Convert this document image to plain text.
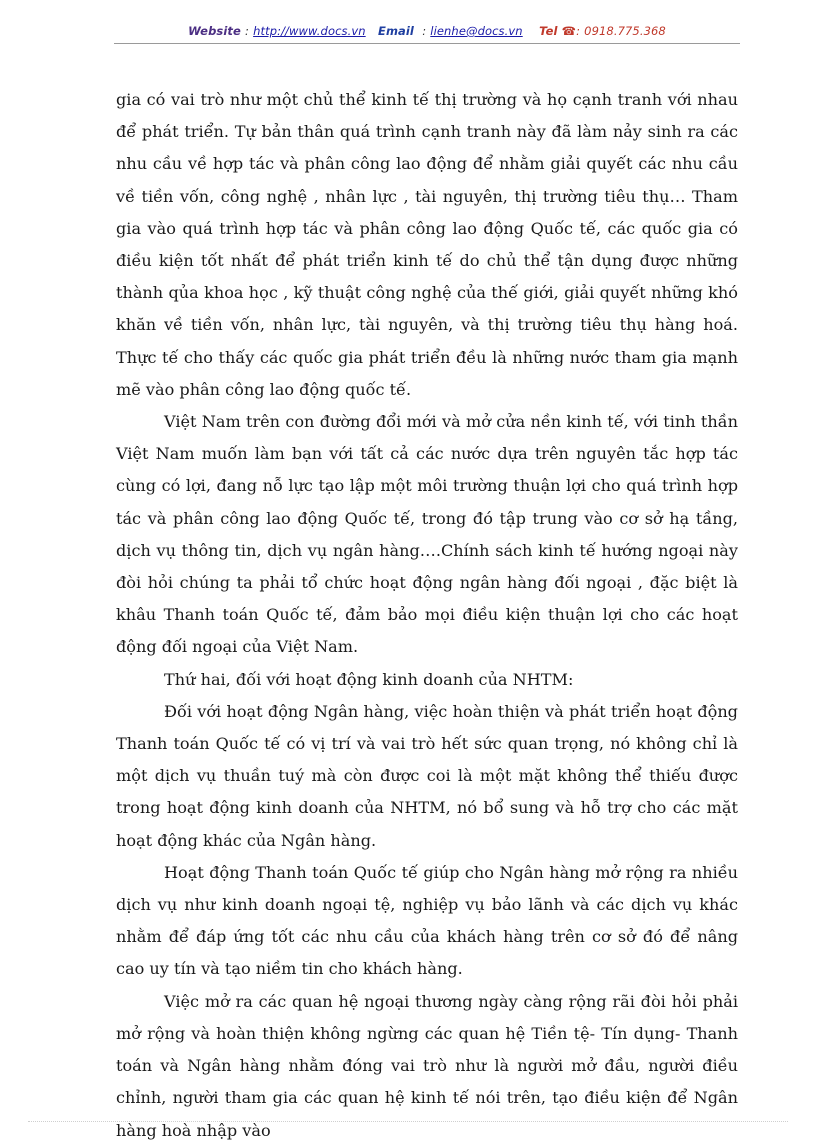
Website : http://www.docs.vn Email : lienhe@docs.vn Tel ☎: 0918.775.368

gia có vai trò như một chủ thể kinh tế thị trường và họ cạnh tranh với nhau để phát triển. Tự bản thân quá trình cạnh tranh này đã làm nảy sinh ra các nhu cầu về hợp tác và phân công lao động để nhằm giải quyết các nhu cầu về tiền vốn, công nghệ , nhân lực , tài nguyên, thị trường tiêu thụ… Tham gia vào quá trình hợp tác và phân công lao động Quốc tế, các quốc gia có điều kiện tốt nhất để phát triển kinh tế do chủ thể tận dụng được những thành qủa khoa học , kỹ thuật công nghệ của thế giới, giải quyết những khó khăn về tiền vốn, nhân lực, tài nguyên, và thị trường tiêu thụ hàng hoá. Thực tế cho thấy các quốc gia phát triển đều là những nước tham gia mạnh mẽ vào phân công lao động quốc tế.

Việt Nam trên con đường đổi mới và mở cửa nền kinh tế, với tinh thần Việt Nam muốn làm bạn với tất cả các nước dựa trên nguyên tắc hợp tác cùng có lợi, đang nỗ lực tạo lập một môi trường thuận lợi cho quá trình hợp tác và phân công lao động Quốc tế, trong đó tập trung vào cơ sở hạ tầng, dịch vụ thông tin, dịch vụ ngân hàng….Chính sách kinh tế hướng ngoại này đòi hỏi chúng ta phải tổ chức hoạt động ngân hàng đối ngoại , đặc biệt là khâu Thanh toán Quốc tế, đảm bảo mọi điều kiện thuận lợi cho các hoạt động đối ngoại của Việt Nam.

Thứ hai, đối với hoạt động kinh doanh của NHTM:

Đối với hoạt động Ngân hàng, việc hoàn thiện và phát triển hoạt động Thanh toán Quốc tế có vị trí và vai trò hết sức quan trọng, nó không chỉ là một dịch vụ thuần tuý mà còn được coi là một mặt không thể thiếu được trong hoạt động kinh doanh của NHTM, nó bổ sung và hỗ trợ cho các mặt hoạt động khác của Ngân hàng.

Hoạt động Thanh toán Quốc tế giúp cho Ngân hàng mở rộng ra nhiều dịch vụ như kinh doanh ngoại tệ, nghiệp vụ bảo lãnh và các dịch vụ khác nhằm để đáp ứng tốt các nhu cầu của khách hàng trên cơ sở đó để nâng cao uy tín và tạo niềm tin cho khách hàng.

Việc mở ra các quan hệ ngoại thương ngày càng rộng rãi đòi hỏi phải mở rộng và hoàn thiện không ngừng các quan hệ Tiền tệ- Tín dụng- Thanh toán và Ngân hàng nhằm đóng vai trò như là người mở đầu, người điều chỉnh, người tham gia các quan hệ kinh tế nói trên, tạo điều kiện để Ngân hàng hoà nhập vào
